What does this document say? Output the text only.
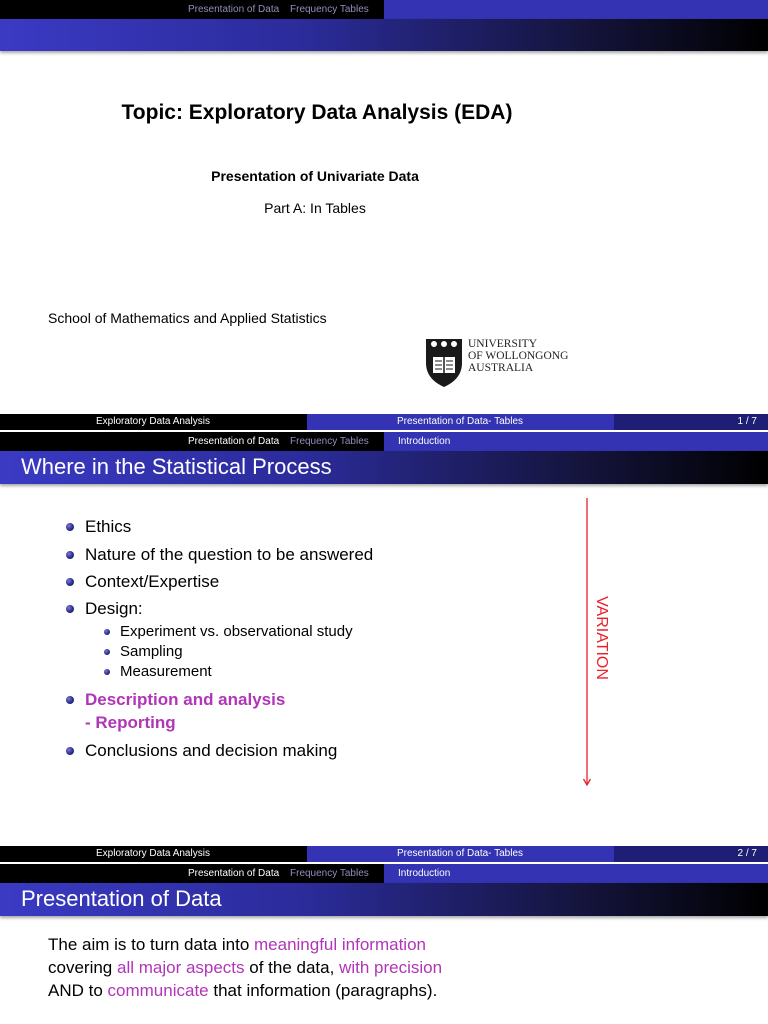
Presentation of Data Frequency Tables
Topic: Exploratory Data Analysis (EDA)
Presentation of Univariate Data
Part A: In Tables
School of Mathematics and Applied Statistics
UNIVERSITY
OF WOLLONGONG
AUSTRALIA
Exploratory Data Analysis	Presentation of Data- Tables	1 / 7
Presentation of Data Frequency Tables	Introduction
Where in the Statistical Process
Ethics
Nature of the question to be answered
Context/Expertise
Design:
Experiment vs. observational study
Sampling
Measurement
Description and analysis
- Reporting
Conclusions and decision making
VARIATION
Exploratory Data Analysis	Presentation of Data- Tables	2 / 7
Presentation of Data Frequency Tables	Introduction
Presentation of Data
The aim is to turn data into meaningful information
covering all major aspects of the data, with precision
AND to communicate that information (paragraphs).
